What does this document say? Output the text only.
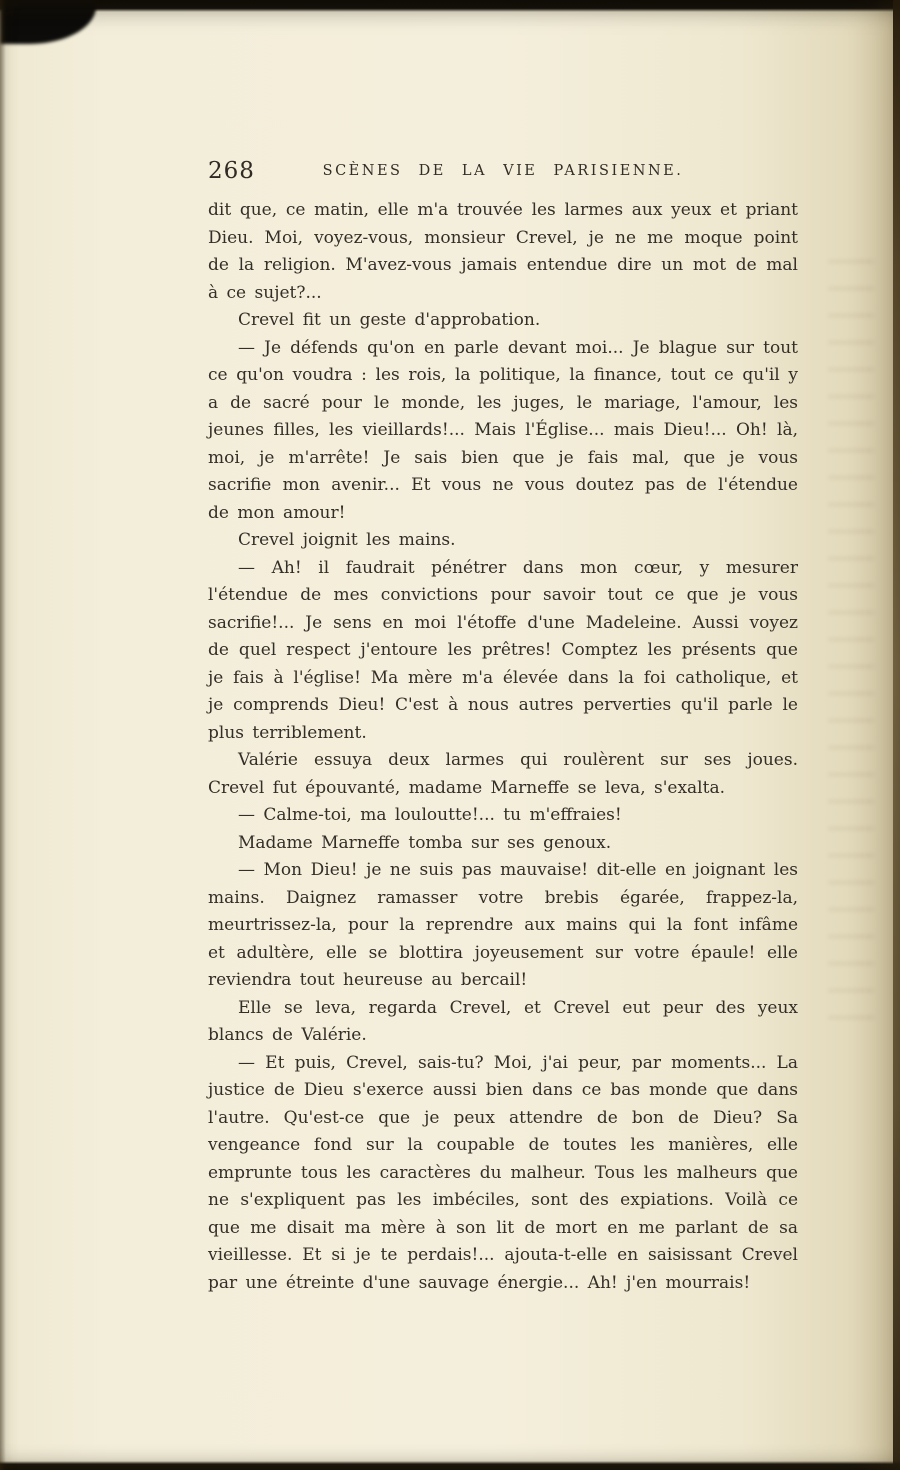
268	SCÈNES DE LA VIE PARISIENNE.

dit que, ce matin, elle m'a trouvée les larmes aux yeux et priant Dieu. Moi, voyez-vous, monsieur Crevel, je ne me moque point de la religion. M'avez-vous jamais entendue dire un mot de mal à ce sujet?...

Crevel fit un geste d'approbation.

— Je défends qu'on en parle devant moi... Je blague sur tout ce qu'on voudra : les rois, la politique, la finance, tout ce qu'il y a de sacré pour le monde, les juges, le mariage, l'amour, les jeunes filles, les vieillards!... Mais l'Église... mais Dieu!... Oh! là, moi, je m'arrête! Je sais bien que je fais mal, que je vous sacrifie mon avenir... Et vous ne vous doutez pas de l'étendue de mon amour!

Crevel joignit les mains.

— Ah! il faudrait pénétrer dans mon cœur, y mesurer l'étendue de mes convictions pour savoir tout ce que je vous sacrifie!... Je sens en moi l'étoffe d'une Madeleine. Aussi voyez de quel respect j'entoure les prêtres! Comptez les présents que je fais à l'église! Ma mère m'a élevée dans la foi catholique, et je comprends Dieu! C'est à nous autres perverties qu'il parle le plus terriblement.

Valérie essuya deux larmes qui roulèrent sur ses joues. Crevel fut épouvanté, madame Marneffe se leva, s'exalta.

— Calme-toi, ma louloutte!... tu m'effraies!

Madame Marneffe tomba sur ses genoux.

— Mon Dieu! je ne suis pas mauvaise! dit-elle en joignant les mains. Daignez ramasser votre brebis égarée, frappez-la, meurtrissez-la, pour la reprendre aux mains qui la font infâme et adultère, elle se blottira joyeusement sur votre épaule! elle reviendra tout heureuse au bercail!

Elle se leva, regarda Crevel, et Crevel eut peur des yeux blancs de Valérie.

— Et puis, Crevel, sais-tu? Moi, j'ai peur, par moments... La justice de Dieu s'exerce aussi bien dans ce bas monde que dans l'autre. Qu'est-ce que je peux attendre de bon de Dieu? Sa vengeance fond sur la coupable de toutes les manières, elle emprunte tous les caractères du malheur. Tous les malheurs que ne s'expliquent pas les imbéciles, sont des expiations. Voilà ce que me disait ma mère à son lit de mort en me parlant de sa vieillesse. Et si je te perdais!... ajouta-t-elle en saisissant Crevel par une étreinte d'une sauvage énergie... Ah! j'en mourrais!
